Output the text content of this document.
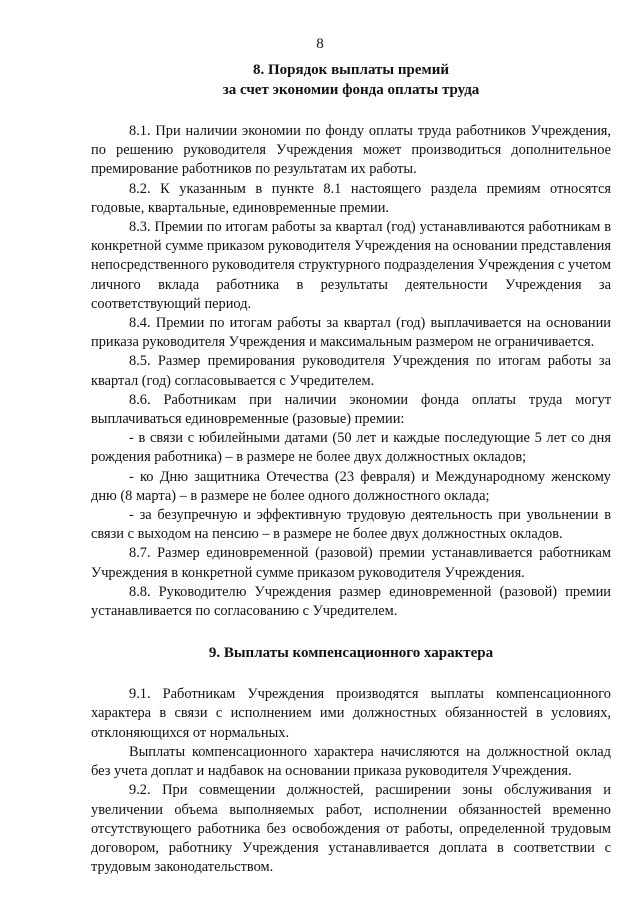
8
8. Порядок выплаты премий
за счет экономии фонда оплаты труда

8.1. При наличии экономии по фонду оплаты труда работников Учреждения, по решению руководителя Учреждения может производиться дополнительное премирование работников по результатам их работы.

8.2. К указанным в пункте 8.1 настоящего раздела премиям относятся годовые, квартальные, единовременные премии.

8.3. Премии по итогам работы за квартал (год) устанавливаются работникам в конкретной сумме приказом руководителя Учреждения на основании представления непосредственного руководителя структурного подразделения Учреждения с учетом личного вклада работника в результаты деятельности Учреждения за соответствующий период.

8.4. Премии по итогам работы за квартал (год) выплачивается на основании приказа руководителя Учреждения и максимальным размером не ограничивается.

8.5. Размер премирования руководителя Учреждения по итогам работы за квартал (год) согласовывается с Учредителем.

8.6. Работникам при наличии экономии фонда оплаты труда могут выплачиваться единовременные (разовые) премии:

- в связи с юбилейными датами (50 лет и каждые последующие 5 лет со дня рождения работника) – в размере не более двух должностных окладов;

- ко Дню защитника Отечества (23 февраля) и Международному женскому дню (8 марта) – в размере не более одного должностного оклада;

- за безупречную и эффективную трудовую деятельность при увольнении в связи с выходом на пенсию – в размере не более двух должностных окладов.

8.7. Размер единовременной (разовой) премии устанавливается работникам Учреждения в конкретной сумме приказом руководителя Учреждения.

8.8. Руководителю Учреждения размер единовременной (разовой) премии устанавливается по согласованию с Учредителем.

9. Выплаты компенсационного характера

9.1. Работникам Учреждения производятся выплаты компенсационного характера в связи с исполнением ими должностных обязанностей в условиях, отклоняющихся от нормальных.

Выплаты компенсационного характера начисляются на должностной оклад без учета доплат и надбавок на основании приказа руководителя Учреждения.

9.2. При совмещении должностей, расширении зоны обслуживания и увеличении объема выполняемых работ, исполнении обязанностей временно отсутствующего работника без освобождения от работы, определенной трудовым договором, работнику Учреждения устанавливается доплата в соответствии с трудовым законодательством.
